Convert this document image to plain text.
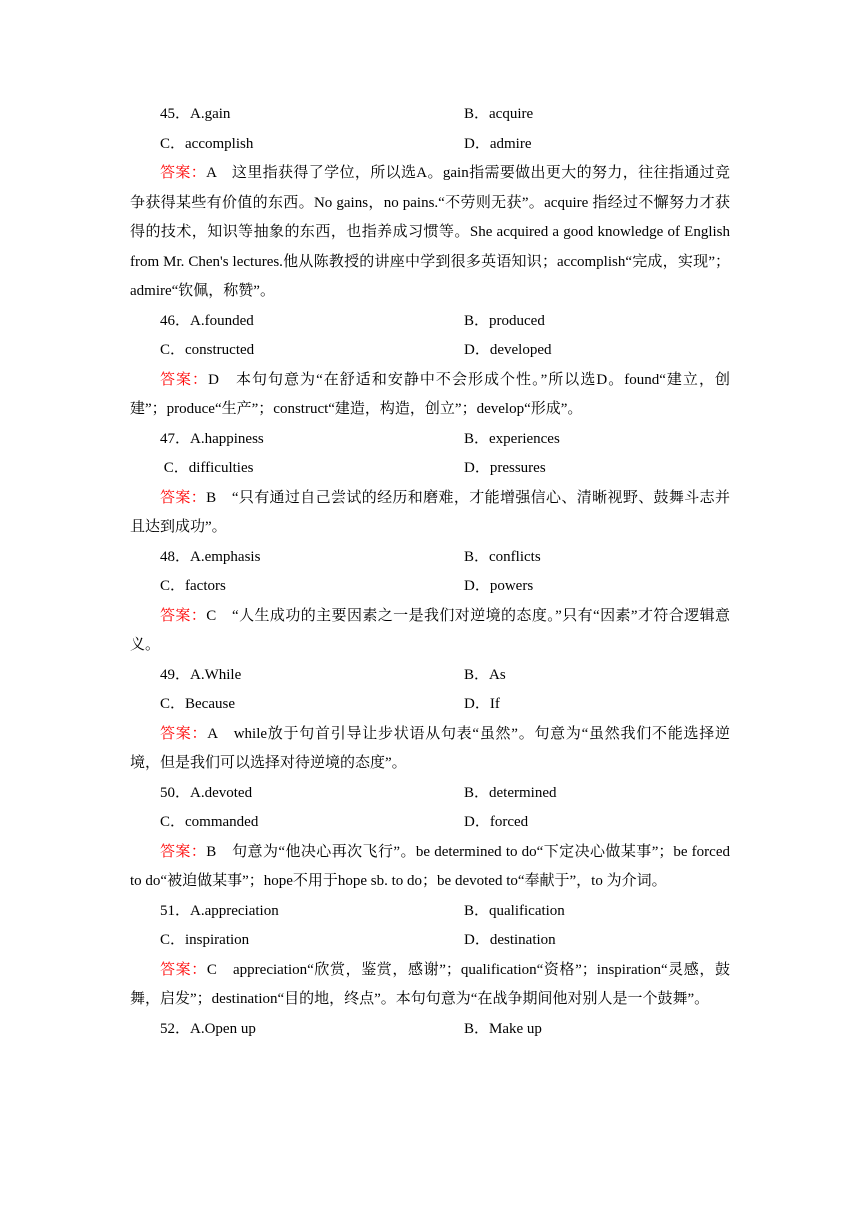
45．A.gain	B．acquire
C．accomplish	D．admire
答案：A　这里指获得了学位，所以选A。gain指需要做出更大的努力，往往指通过竞争获得某些有价值的东西。No gains，no pains.“不劳则无获”。acquire 指经过不懈努力才获得的技术，知识等抽象的东西，也指养成习惯等。She acquired a good knowledge of English from Mr. Chen's lectures.他从陈教授的讲座中学到很多英语知识；accomplish“完成，实现”；admire“钦佩，称赞”。
46．A.founded	B．produced
C．constructed	D．developed
答案：D　本句句意为“在舒适和安静中不会形成个性。”所以选D。found“建立，创建”；produce“生产”；construct“建造，构造，创立”；develop“形成”。
47．A.happiness	B．experiences
C．difficulties	D．pressures
答案：B　“只有通过自己尝试的经历和磨难，才能增强信心、清晰视野、鼓舞斗志并且达到成功”。
48．A.emphasis	B．conflicts
C．factors	D．powers
答案：C　“人生成功的主要因素之一是我们对逆境的态度。”只有“因素”才符合逻辑意义。
49．A.While	B．As
C．Because	D．If
答案：A　while放于句首引导让步状语从句表“虽然”。句意为“虽然我们不能选择逆境，但是我们可以选择对待逆境的态度”。
50．A.devoted	B．determined
C．commanded	D．forced
答案：B　句意为“他决心再次飞行”。be determined to do“下定决心做某事”；be forced to do“被迫做某事”；hope不用于hope sb. to do；be devoted to“奉献于”，to 为介词。
51．A.appreciation	B．qualification
C．inspiration	D．destination
答案：C　appreciation“欣赏，鉴赏，感谢”；qualification“资格”；inspiration“灵感，鼓舞，启发”；destination“目的地，终点”。本句句意为“在战争期间他对别人是一个鼓舞”。
52．A.Open up	B．Make up
